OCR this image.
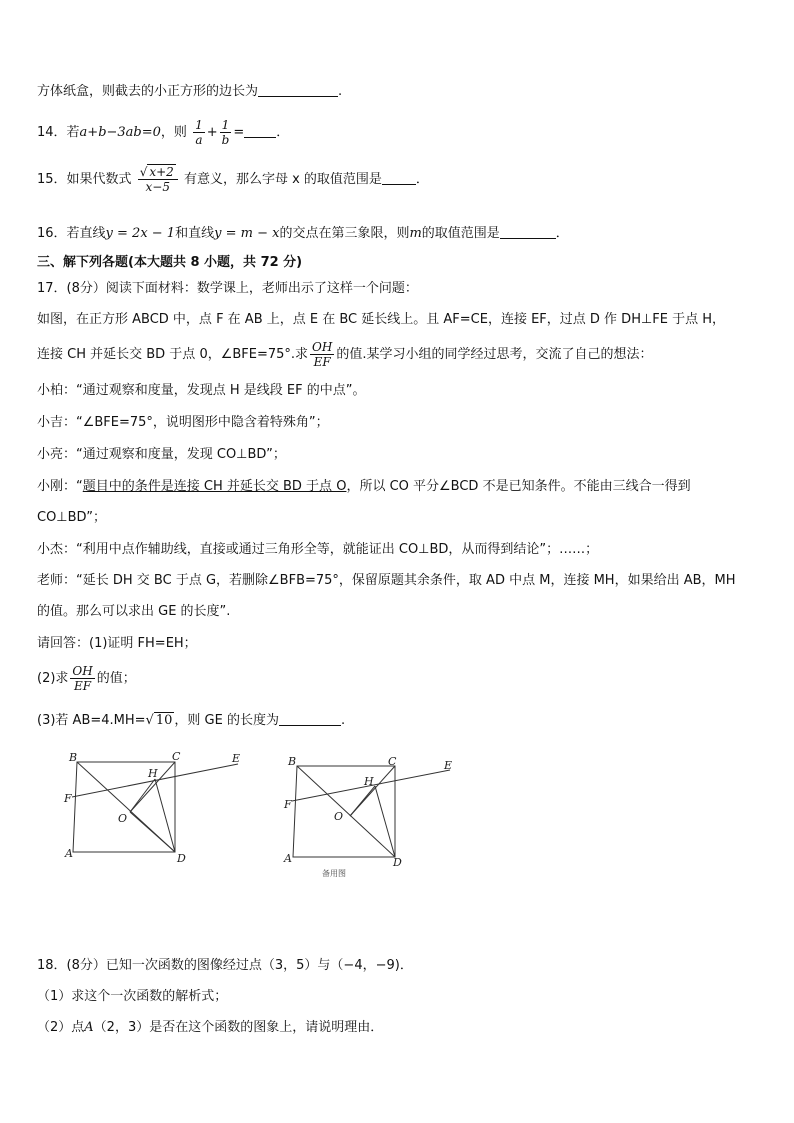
方体纸盒，则截去的小正方形的边长为	.
14．若a+b−3ab=0，则 $\frac{1}{a} + \frac{1}{b}$ = ．
15．如果代数式 $\frac{√ x+2}{x-5}$ 有意义，那么字母 x 的取值范围是	．
16．若直线y = 2x − 1和直线y = m − x的交点在第三象限，则m的取值范围是	．
三、解下列各题(本大题共 8 小题，共 72 分)
17．(8分）阅读下面材料：数学课上，老师出示了这样一个问题：
如图，在正方形 ABCD 中，点 F 在 AB 上，点 E 在 BC 延长线上。且 AF=CE，连接 EF，过点 D 作 DH⊥FE 于点 H，
连接 CH 并延长交 BD 于点 0，∠BFE=75°.求 $\frac{OH}{EF}$ 的值.某学习小组的同学经过思考，交流了自己的想法：
小柏：“通过观察和度量，发现点 H 是线段 EF 的中点”。
小吉：“∠BFE=75°，说明图形中隐含着特殊角”；
小亮：“通过观察和度量，发现 CO⊥BD”；
小刚：“题目中的条件是连接 CH 并延长交 BD 于点 O，所以 CO 平分∠BCD 不是已知条件。不能由三线合一得到
CO⊥BD”；
小杰：“利用中点作辅助线，直接或通过三角形全等，就能证出 CO⊥BD，从而得到结论”；……；
老师：“延长 DH 交 BC 于点 G，若删除∠BFB=75°，保留原题其余条件，取 AD 中点 M，连接 MH，如果给出 AB，MH
的值。那么可以求出 GE 的长度”.
请回答：(1)证明 FH=EH；
(2)求 $\frac{OH}{EF}$ 的值；
(3)若 AB=4.MH=√ 10 ，则 GE 的长度为	.
B	C	E
H
F
O
A	D
B	C	E
H
F
O
A	D
备用图
18．(8分）已知一次函数的图像经过点（3，5）与（−4，−9)．
（1）求这个一次函数的解析式；
（2）点A（2，3）是否在这个函数的图象上，请说明理由．
